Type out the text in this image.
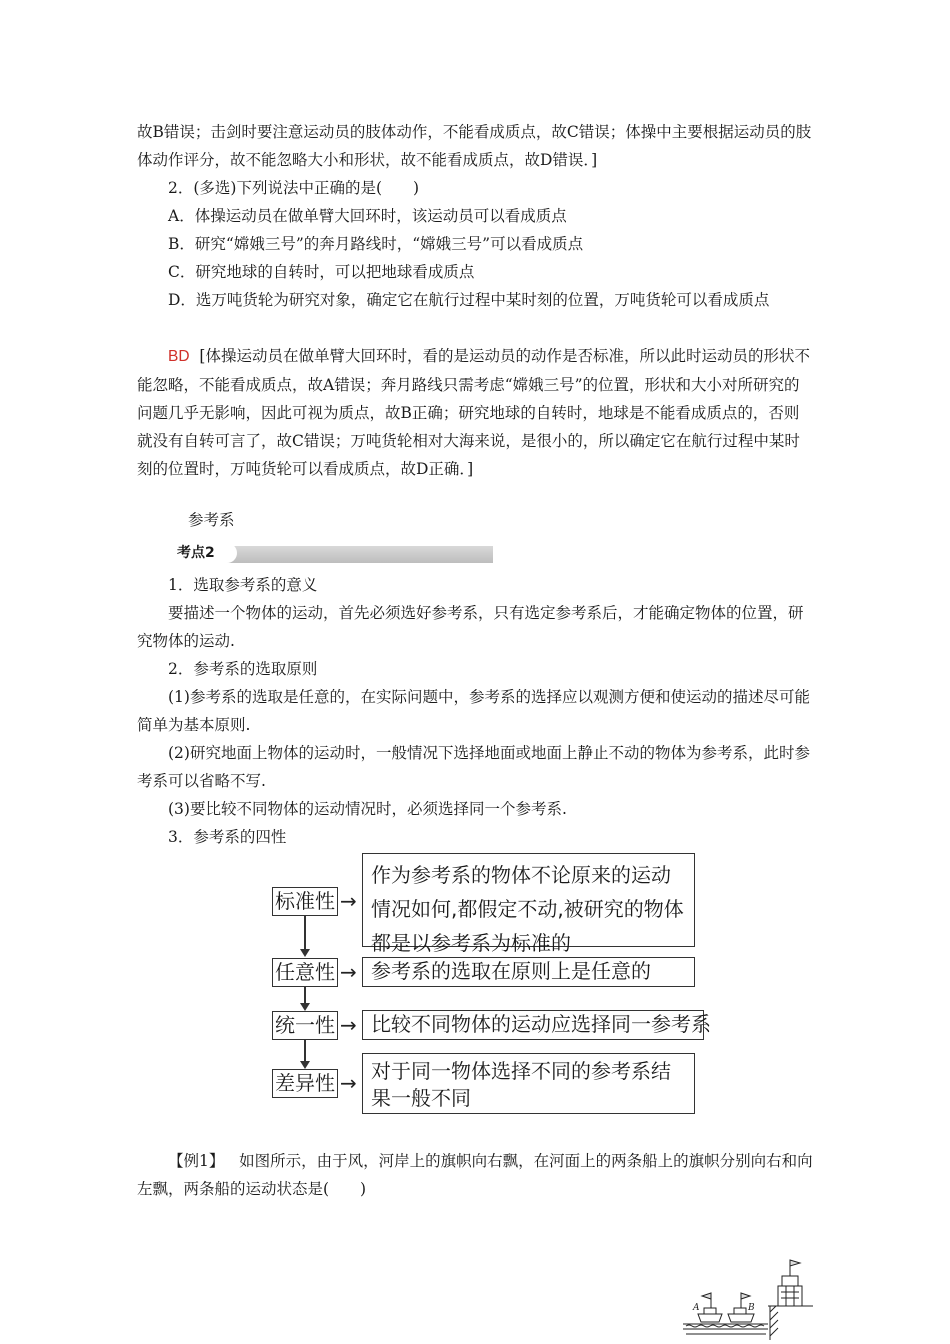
故B错误；击剑时要注意运动员的肢体动作，不能看成质点，故C错误；体操中主要根据运动员的肢体动作评分，故不能忽略大小和形状，故不能看成质点，故D错误．]

2．(多选)下列说法中正确的是(　　)

A．体操运动员在做单臂大回环时，该运动员可以看成质点

B．研究“嫦娥三号”的奔月路线时，“嫦娥三号”可以看成质点

C．研究地球的自转时，可以把地球看成质点

D．选万吨货轮为研究对象，确定它在航行过程中某时刻的位置，万吨货轮可以看成质点

BD [体操运动员在做单臂大回环时，看的是运动员的动作是否标准，所以此时运动员的形状不能忽略，不能看成质点，故A错误；奔月路线只需考虑“嫦娥三号”的位置，形状和大小对所研究的问题几乎无影响，因此可视为质点，故B正确；研究地球的自转时，地球是不能看成质点的，否则就没有自转可言了，故C错误；万吨货轮相对大海来说，是很小的，所以确定它在航行过程中某时刻的位置时，万吨货轮可以看成质点，故D正确．]

参考系
考点2

1．选取参考系的意义

要描述一个物体的运动，首先必须选好参考系，只有选定参考系后，才能确定物体的位置，研究物体的运动.

2．参考系的选取原则

(1)参考系的选取是任意的，在实际问题中，参考系的选择应以观测方便和使运动的描述尽可能简单为基本原则.

(2)研究地面上物体的运动时，一般情况下选择地面或地面上静止不动的物体为参考系，此时参考系可以省略不写.

(3)要比较不同物体的运动情况时，必须选择同一个参考系.

3．参考系的四性

标准性 →
作为参考系的物体不论原来的运动情况如何,都假定不动,被研究的物体都是以参考系为标准的
任意性 → 参考系的选取在原则上是任意的
统一性 → 比较不同物体的运动应选择同一参考系
差异性 → 对于同一物体选择不同的参考系结果一般不同

【例1】 如图所示，由于风，河岸上的旗帜向右飘，在河面上的两条船上的旗帜分别向右和向左飘，两条船的运动状态是(　　)

A	B
